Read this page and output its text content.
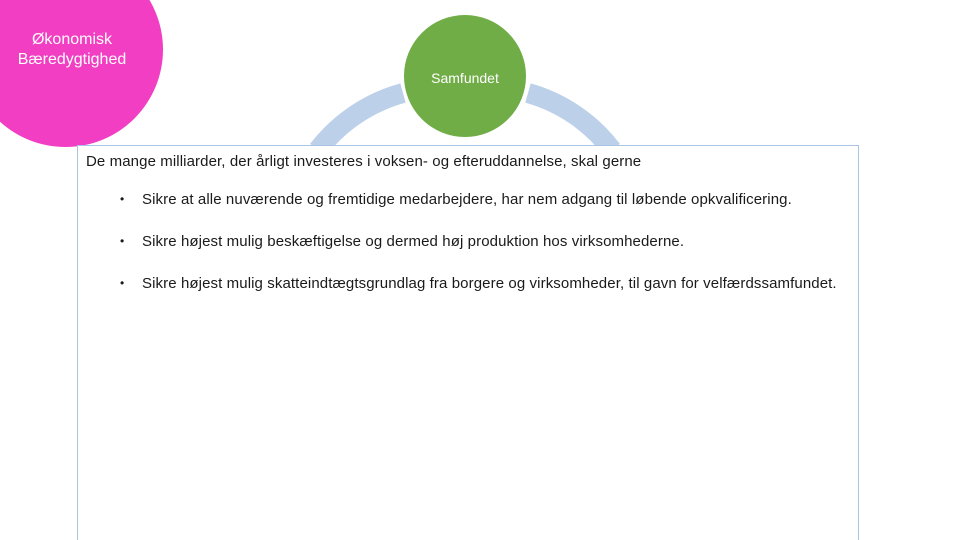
Økonomisk
Bæredygtighed
Samfundet

De mange milliarder, der årligt investeres i voksen- og efteruddannelse, skal gerne

• Sikre at alle nuværende og fremtidige medarbejdere, har nem adgang til løbende opkvalificering.
• Sikre højest mulig beskæftigelse og dermed høj produktion hos virksomhederne.
• Sikre højest mulig skatteindtægtsgrundlag fra borgere og virksomheder, til gavn for velfærdssamfundet.
